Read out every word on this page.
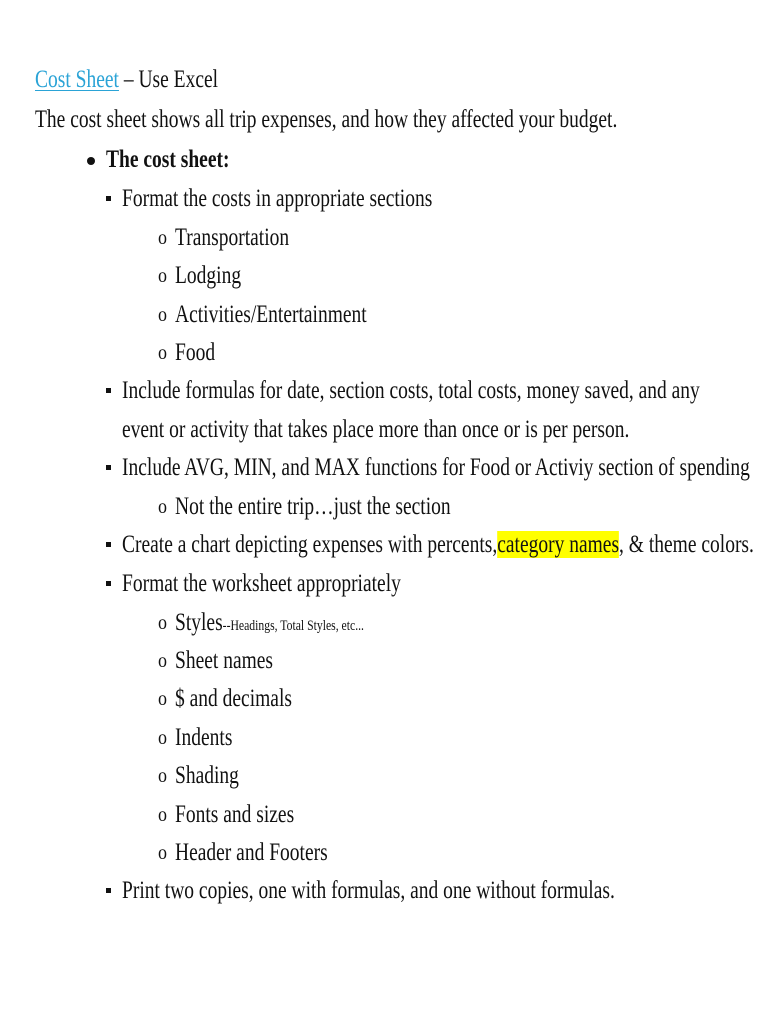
Cost Sheet – Use Excel
The cost sheet shows all trip expenses, and how they affected your budget.
The cost sheet:
Format the costs in appropriate sections
o Transportation
o Lodging
o Activities/Entertainment
o Food
Include formulas for date, section costs, total costs, money saved, and any
event or activity that takes place more than once or is per person.
Include AVG, MIN, and MAX functions for Food or Activiy section of spending
o Not the entire trip…just the section
Create a chart depicting expenses with percents,category names, & theme colors.
Format the worksheet appropriately
o Styles--Headings, Total Styles, etc...
o Sheet names
o $ and decimals
o Indents
o Shading
o Fonts and sizes
o Header and Footers
Print two copies, one with formulas, and one without formulas.
